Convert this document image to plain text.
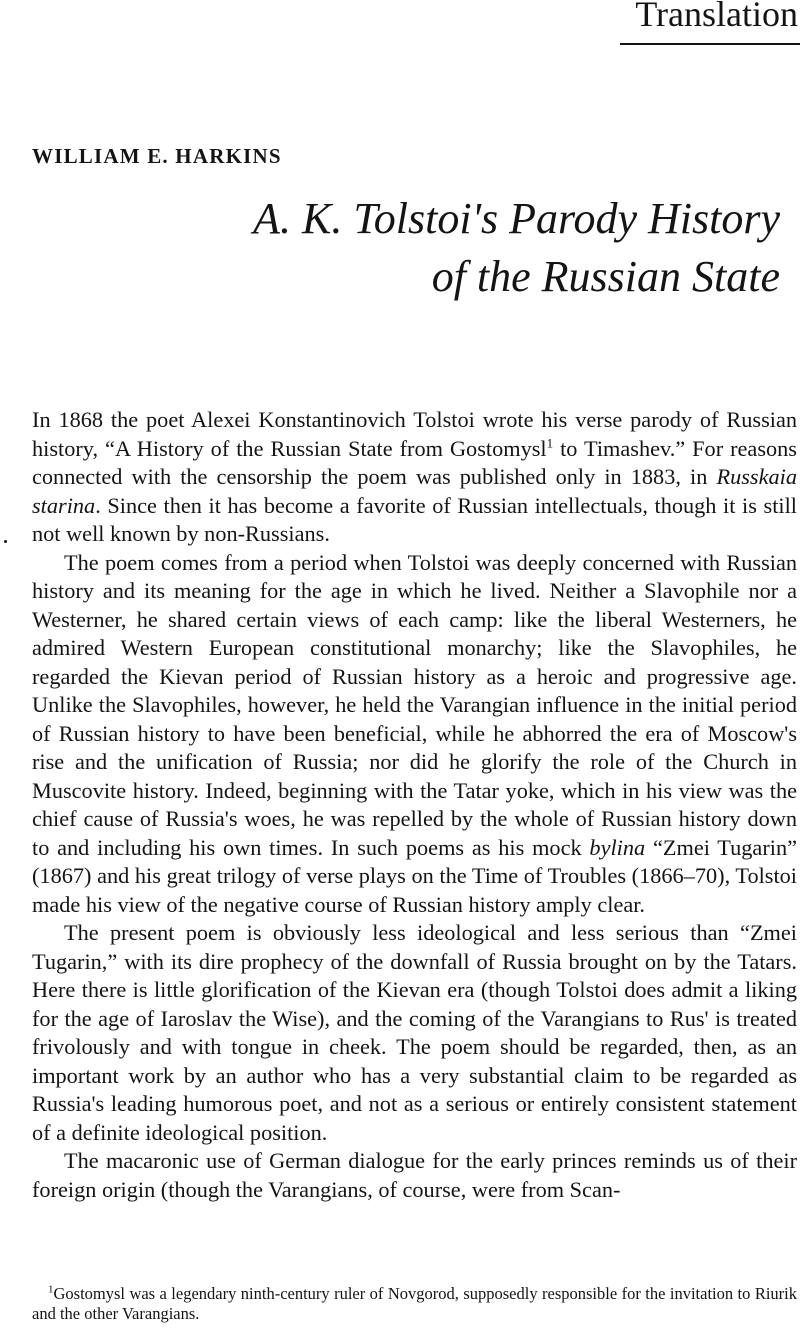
Translation
WILLIAM E. HARKINS
A. K. Tolstoi's Parody History
of the Russian State

In 1868 the poet Alexei Konstantinovich Tolstoi wrote his verse parody of Russian history, “A History of the Russian State from Gostomysl$^1$ to Timashev.” For reasons connected with the censorship the poem was published only in 1883, in Russkaia starina. Since then it has become a favorite of Russian intellectuals, though it is still not well known by non-Russians.

The poem comes from a period when Tolstoi was deeply concerned with Russian history and its meaning for the age in which he lived. Neither a Slavophile nor a Westerner, he shared certain views of each camp: like the liberal Westerners, he admired Western European constitutional monarchy; like the Slavophiles, he regarded the Kievan period of Russian history as a heroic and progressive age. Unlike the Slavophiles, however, he held the Varangian influence in the initial period of Russian history to have been beneficial, while he abhorred the era of Moscow's rise and the unification of Russia; nor did he glorify the role of the Church in Muscovite history. Indeed, beginning with the Tatar yoke, which in his view was the chief cause of Russia's woes, he was repelled by the whole of Russian history down to and including his own times. In such poems as his mock bylina “Zmei Tugarin” (1867) and his great trilogy of verse plays on the Time of Troubles (1866–70), Tolstoi made his view of the negative course of Russian history amply clear.

The present poem is obviously less ideological and less serious than “Zmei Tugarin,” with its dire prophecy of the downfall of Russia brought on by the Tatars. Here there is little glorification of the Kievan era (though Tolstoi does admit a liking for the age of Iaroslav the Wise), and the coming of the Varangians to Rus' is treated frivolously and with tongue in cheek. The poem should be regarded, then, as an important work by an author who has a very substantial claim to be regarded as Russia's leading humorous poet, and not as a serious or entirely consistent statement of a definite ideological position.

The macaronic use of German dialogue for the early princes reminds us of their foreign origin (though the Varangians, of course, were from Scan-

$^1$Gostomysl was a legendary ninth-century ruler of Novgorod, supposedly responsible for the invitation to Riurik and the other Varangians.
